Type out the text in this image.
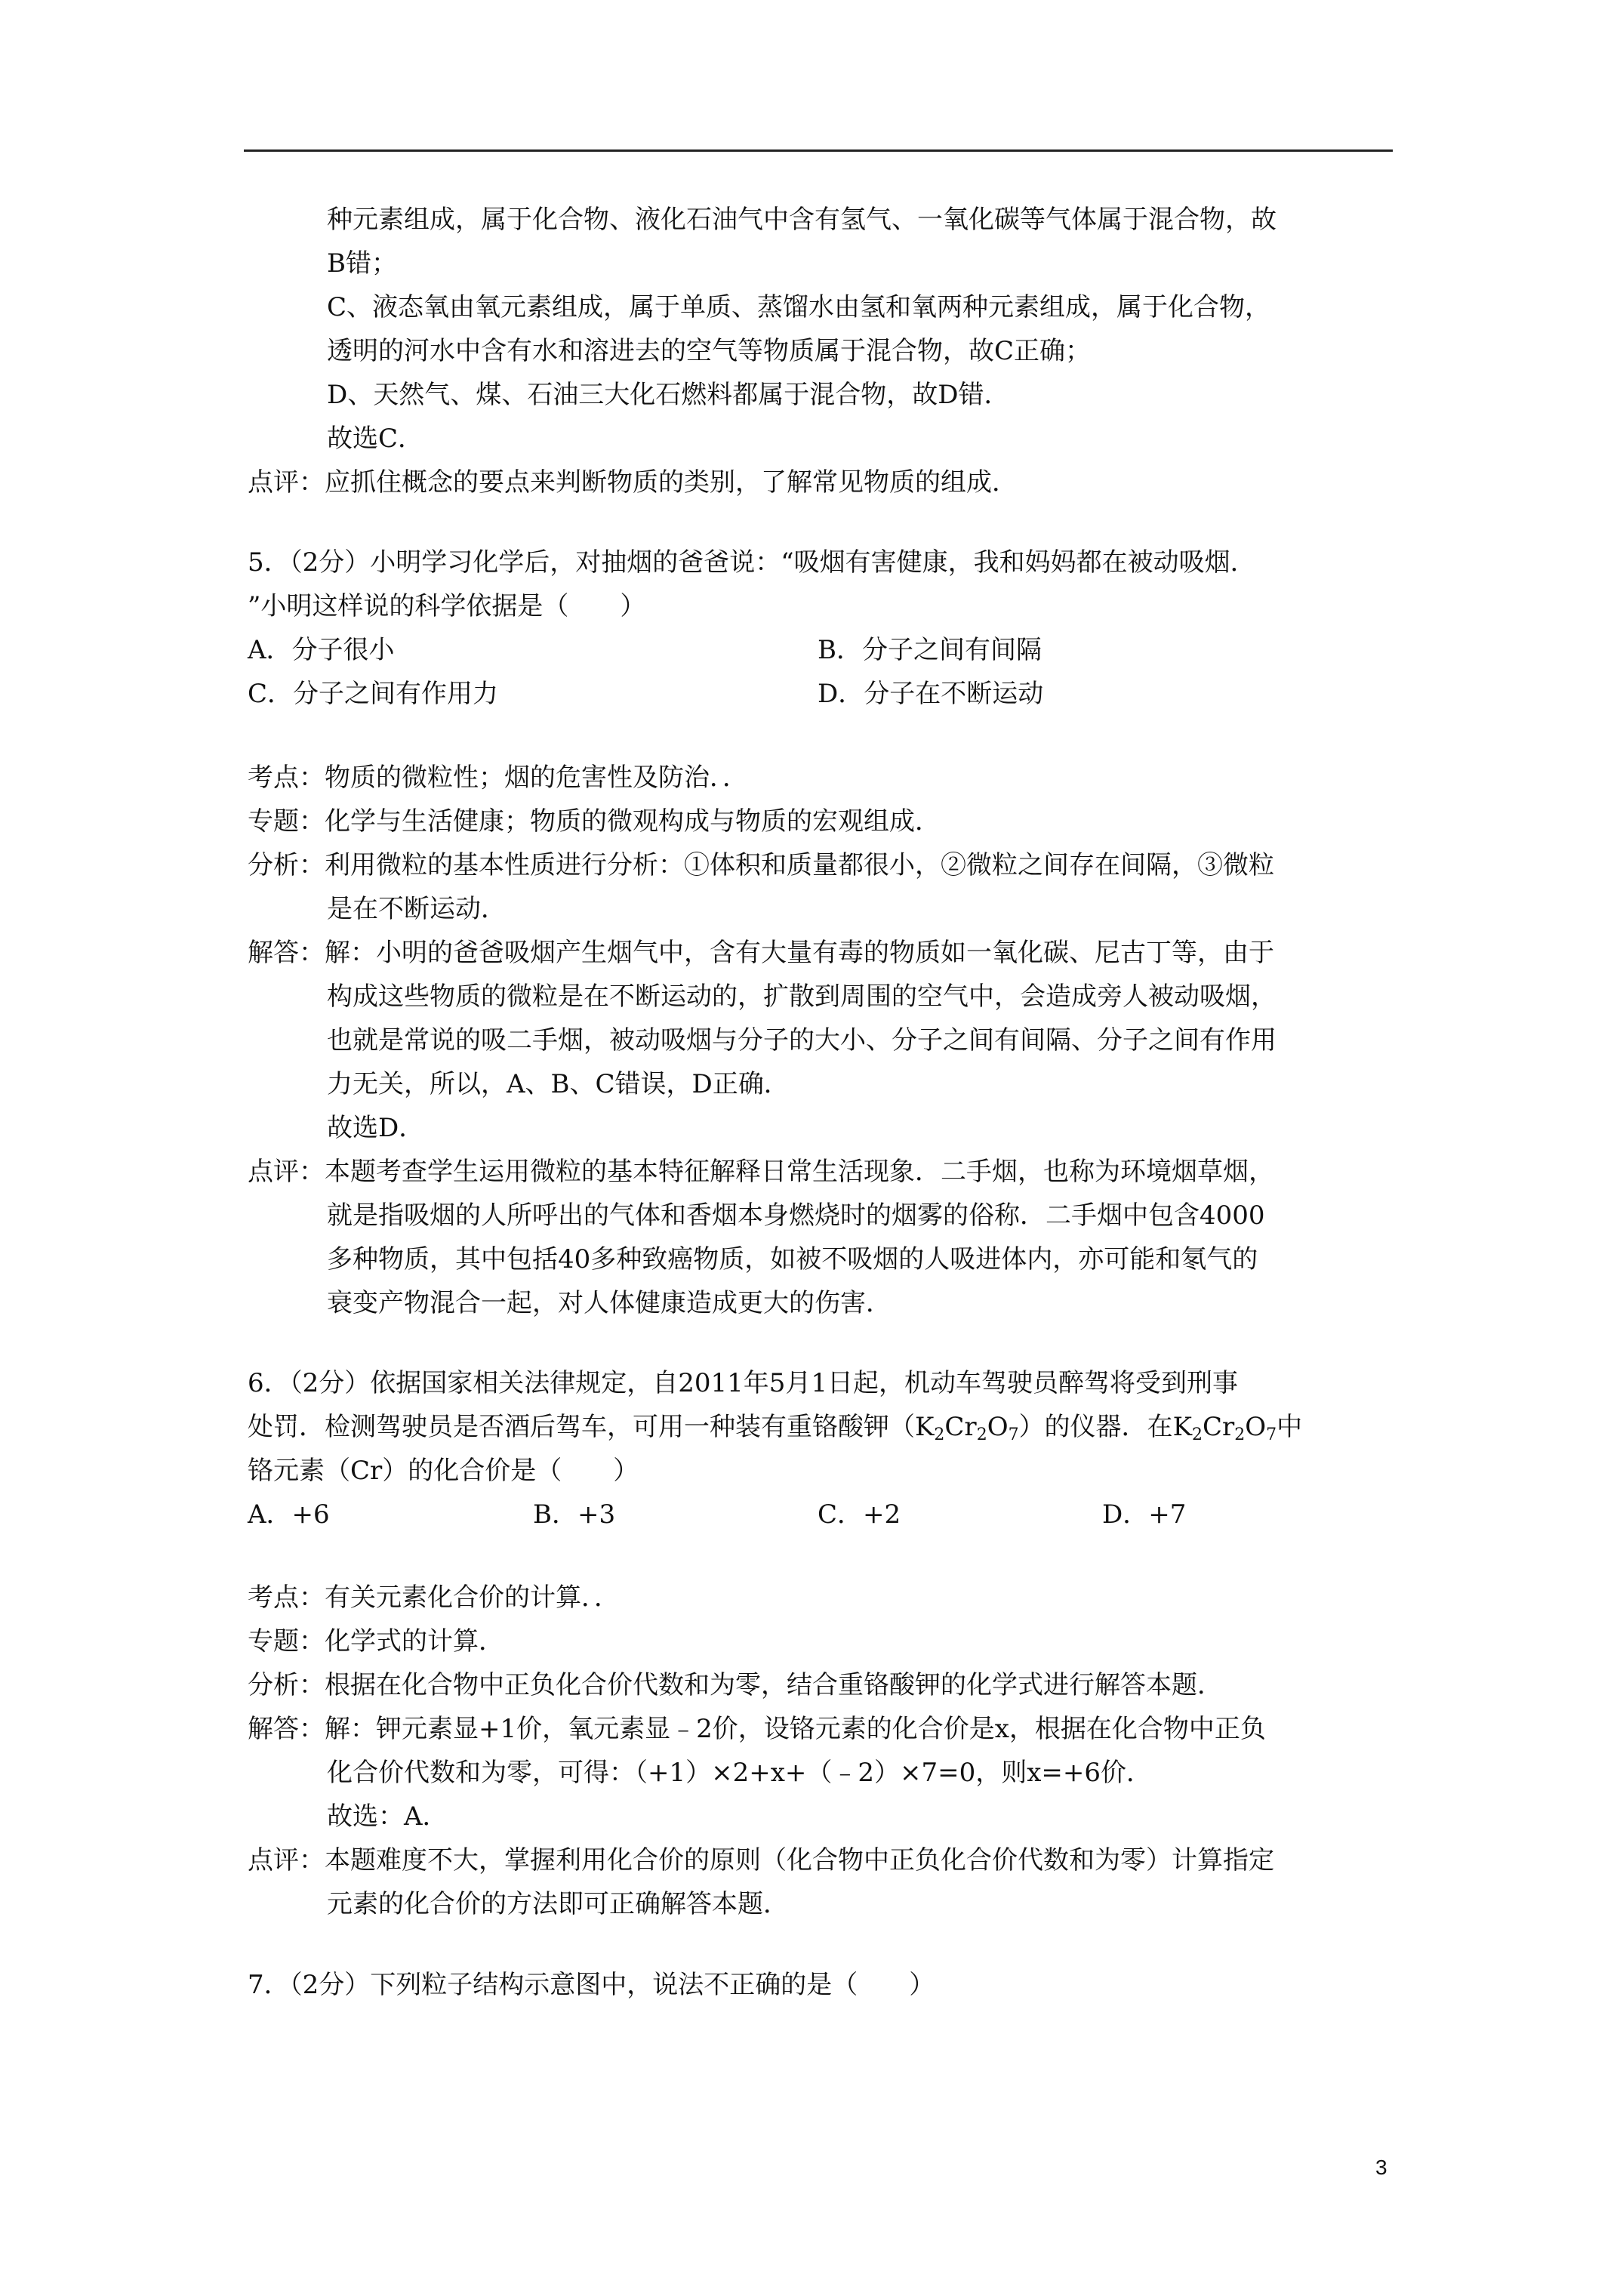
种元素组成，属于化合物、液化石油气中含有氢气、一氧化碳等气体属于混合物，故
B错；
C、液态氧由氧元素组成，属于单质、蒸馏水由氢和氧两种元素组成，属于化合物，
透明的河水中含有水和溶进去的空气等物质属于混合物，故C正确；
D、天然气、煤、石油三大化石燃料都属于混合物，故D错．
故选C．
点评：应抓住概念的要点来判断物质的类别，了解常见物质的组成．
5．（2分）小明学习化学后，对抽烟的爸爸说：“吸烟有害健康，我和妈妈都在被动吸烟．
”小明这样说的科学依据是（　　）
A．分子很小	B．分子之间有间隔
C．分子之间有作用力	D．分子在不断运动
考点：物质的微粒性；烟的危害性及防治．．
专题：化学与生活健康；物质的微观构成与物质的宏观组成．
分析：利用微粒的基本性质进行分析：①体积和质量都很小，②微粒之间存在间隔，③微粒
是在不断运动．
解答：解：小明的爸爸吸烟产生烟气中，含有大量有毒的物质如一氧化碳、尼古丁等，由于
构成这些物质的微粒是在不断运动的，扩散到周围的空气中，会造成旁人被动吸烟，
也就是常说的吸二手烟，被动吸烟与分子的大小、分子之间有间隔、分子之间有作用
力无关，所以，A、B、C错误，D正确．
故选D．
点评：本题考查学生运用微粒的基本特征解释日常生活现象．二手烟，也称为环境烟草烟，
就是指吸烟的人所呼出的气体和香烟本身燃烧时的烟雾的俗称．二手烟中包含4000
多种物质，其中包括40多种致癌物质，如被不吸烟的人吸进体内，亦可能和氡气的
衰变产物混合一起，对人体健康造成更大的伤害．
6．（2分）依据国家相关法律规定，自2011年5月1日起，机动车驾驶员醉驾将受到刑事
处罚．检测驾驶员是否酒后驾车，可用一种装有重铬酸钾$(K_2Cr_2O_7)$的仪器．在$K_2Cr_2O_7$中
铬元素（Cr）的化合价是（　　）
A．+6	B．+3	C．+2	D．+7
考点：有关元素化合价的计算．．
专题：化学式的计算．
分析：根据在化合物中正负化合价代数和为零，结合重铬酸钾的化学式进行解答本题．
解答：解：钾元素显+1价，氧元素显﹣2价，设铬元素的化合价是x，根据在化合物中正负
化合价代数和为零，可得：（+1）×2+x+（﹣2）×7=0，则x=+6价．
故选：A．
点评：本题难度不大，掌握利用化合价的原则（化合物中正负化合价代数和为零）计算指定
元素的化合价的方法即可正确解答本题．
7．（2分）下列粒子结构示意图中，说法不正确的是（　　）
3
